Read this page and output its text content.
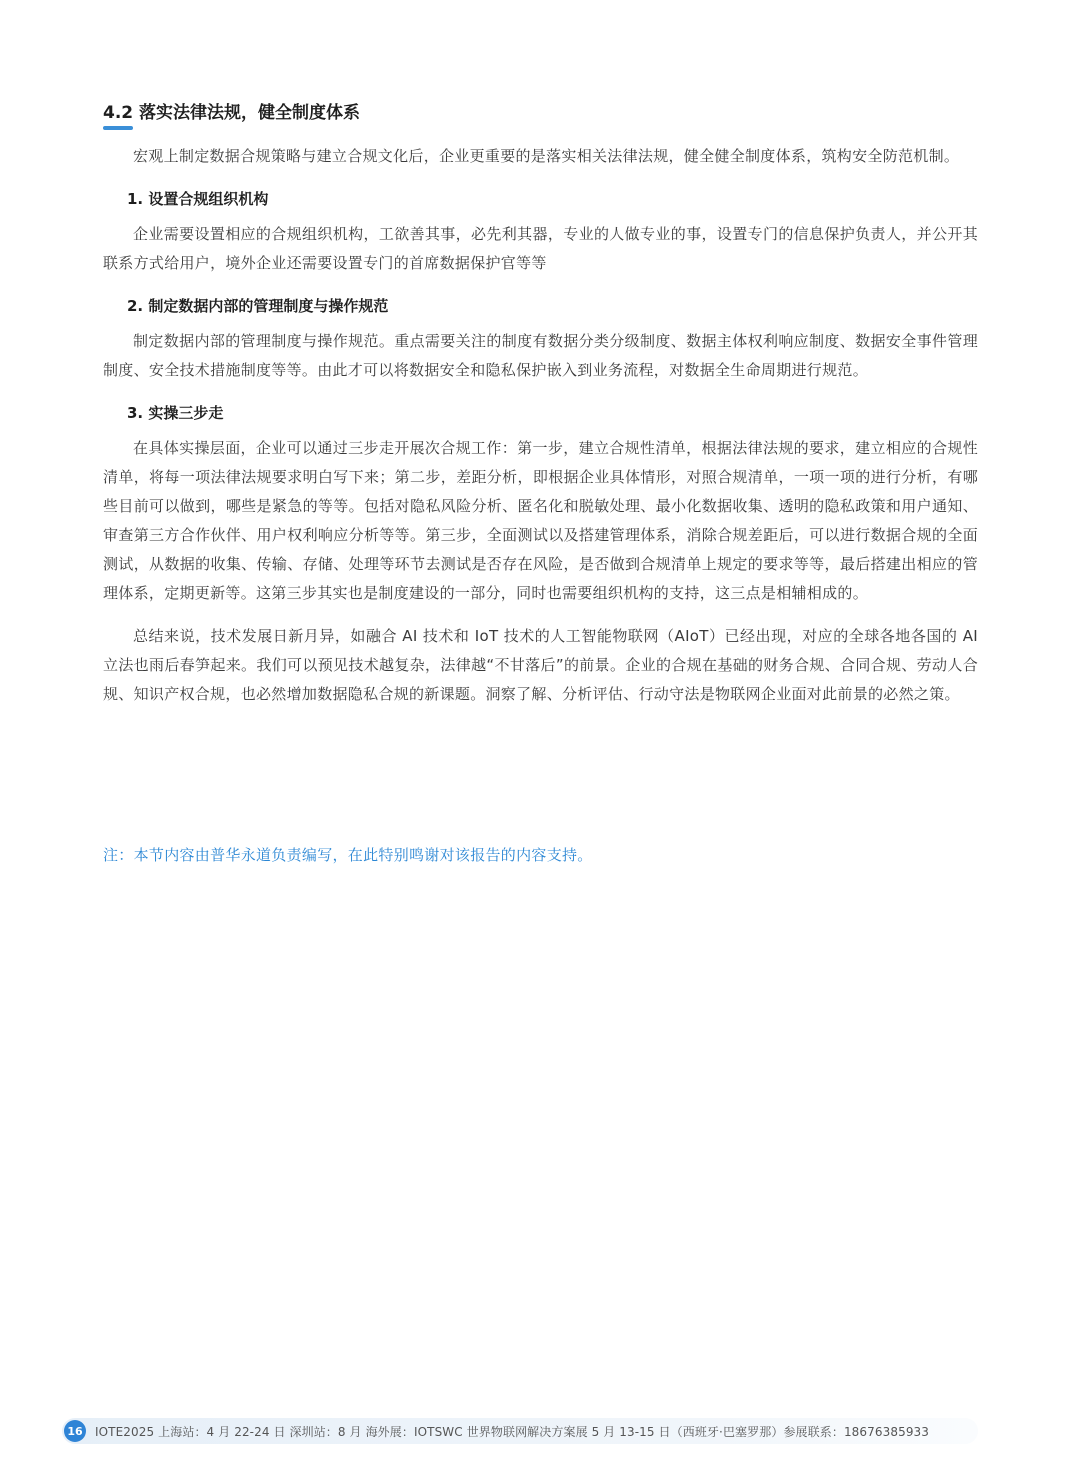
4.2 落实法律法规，健全制度体系

宏观上制定数据合规策略与建立合规文化后，企业更重要的是落实相关法律法规，健全健全制度体系，筑构安全防范机制。

1. 设置合规组织机构

企业需要设置相应的合规组织机构，工欲善其事，必先利其器，专业的人做专业的事，设置专门的信息保护负责人，并公开其联系方式给用户，境外企业还需要设置专门的首席数据保护官等等

2. 制定数据内部的管理制度与操作规范

制定数据内部的管理制度与操作规范。重点需要关注的制度有数据分类分级制度、数据主体权利响应制度、数据安全事件管理制度、安全技术措施制度等等。由此才可以将数据安全和隐私保护嵌入到业务流程，对数据全生命周期进行规范。

3. 实操三步走

在具体实操层面，企业可以通过三步走开展次合规工作：第一步，建立合规性清单，根据法律法规的要求，建立相应的合规性清单，将每一项法律法规要求明白写下来；第二步，差距分析，即根据企业具体情形，对照合规清单，一项一项的进行分析，有哪些目前可以做到，哪些是紧急的等等。包括对隐私风险分析、匿名化和脱敏处理、最小化数据收集、透明的隐私政策和用户通知、审查第三方合作伙伴、用户权利响应分析等等。第三步，全面测试以及搭建管理体系，消除合规差距后，可以进行数据合规的全面测试，从数据的收集、传输、存储、处理等环节去测试是否存在风险，是否做到合规清单上规定的要求等等，最后搭建出相应的管理体系，定期更新等。这第三步其实也是制度建设的一部分，同时也需要组织机构的支持，这三点是相辅相成的。

总结来说，技术发展日新月异，如融合 AI 技术和 IoT 技术的人工智能物联网（AIoT）已经出现，对应的全球各地各国的 AI 立法也雨后春笋起来。我们可以预见技术越复杂，法律越“不甘落后”的前景。企业的合规在基础的财务合规、合同合规、劳动人合规、知识产权合规，也必然增加数据隐私合规的新课题。洞察了解、分析评估、行动守法是物联网企业面对此前景的必然之策。

注：本节内容由普华永道负责编写，在此特别鸣谢对该报告的内容支持。
16 IOTE2025 上海站：4 月 22-24 日 深圳站：8 月 海外展：IOTSWC 世界物联网解决方案展 5 月 13-15 日（西班牙·巴塞罗那）参展联系：18676385933
